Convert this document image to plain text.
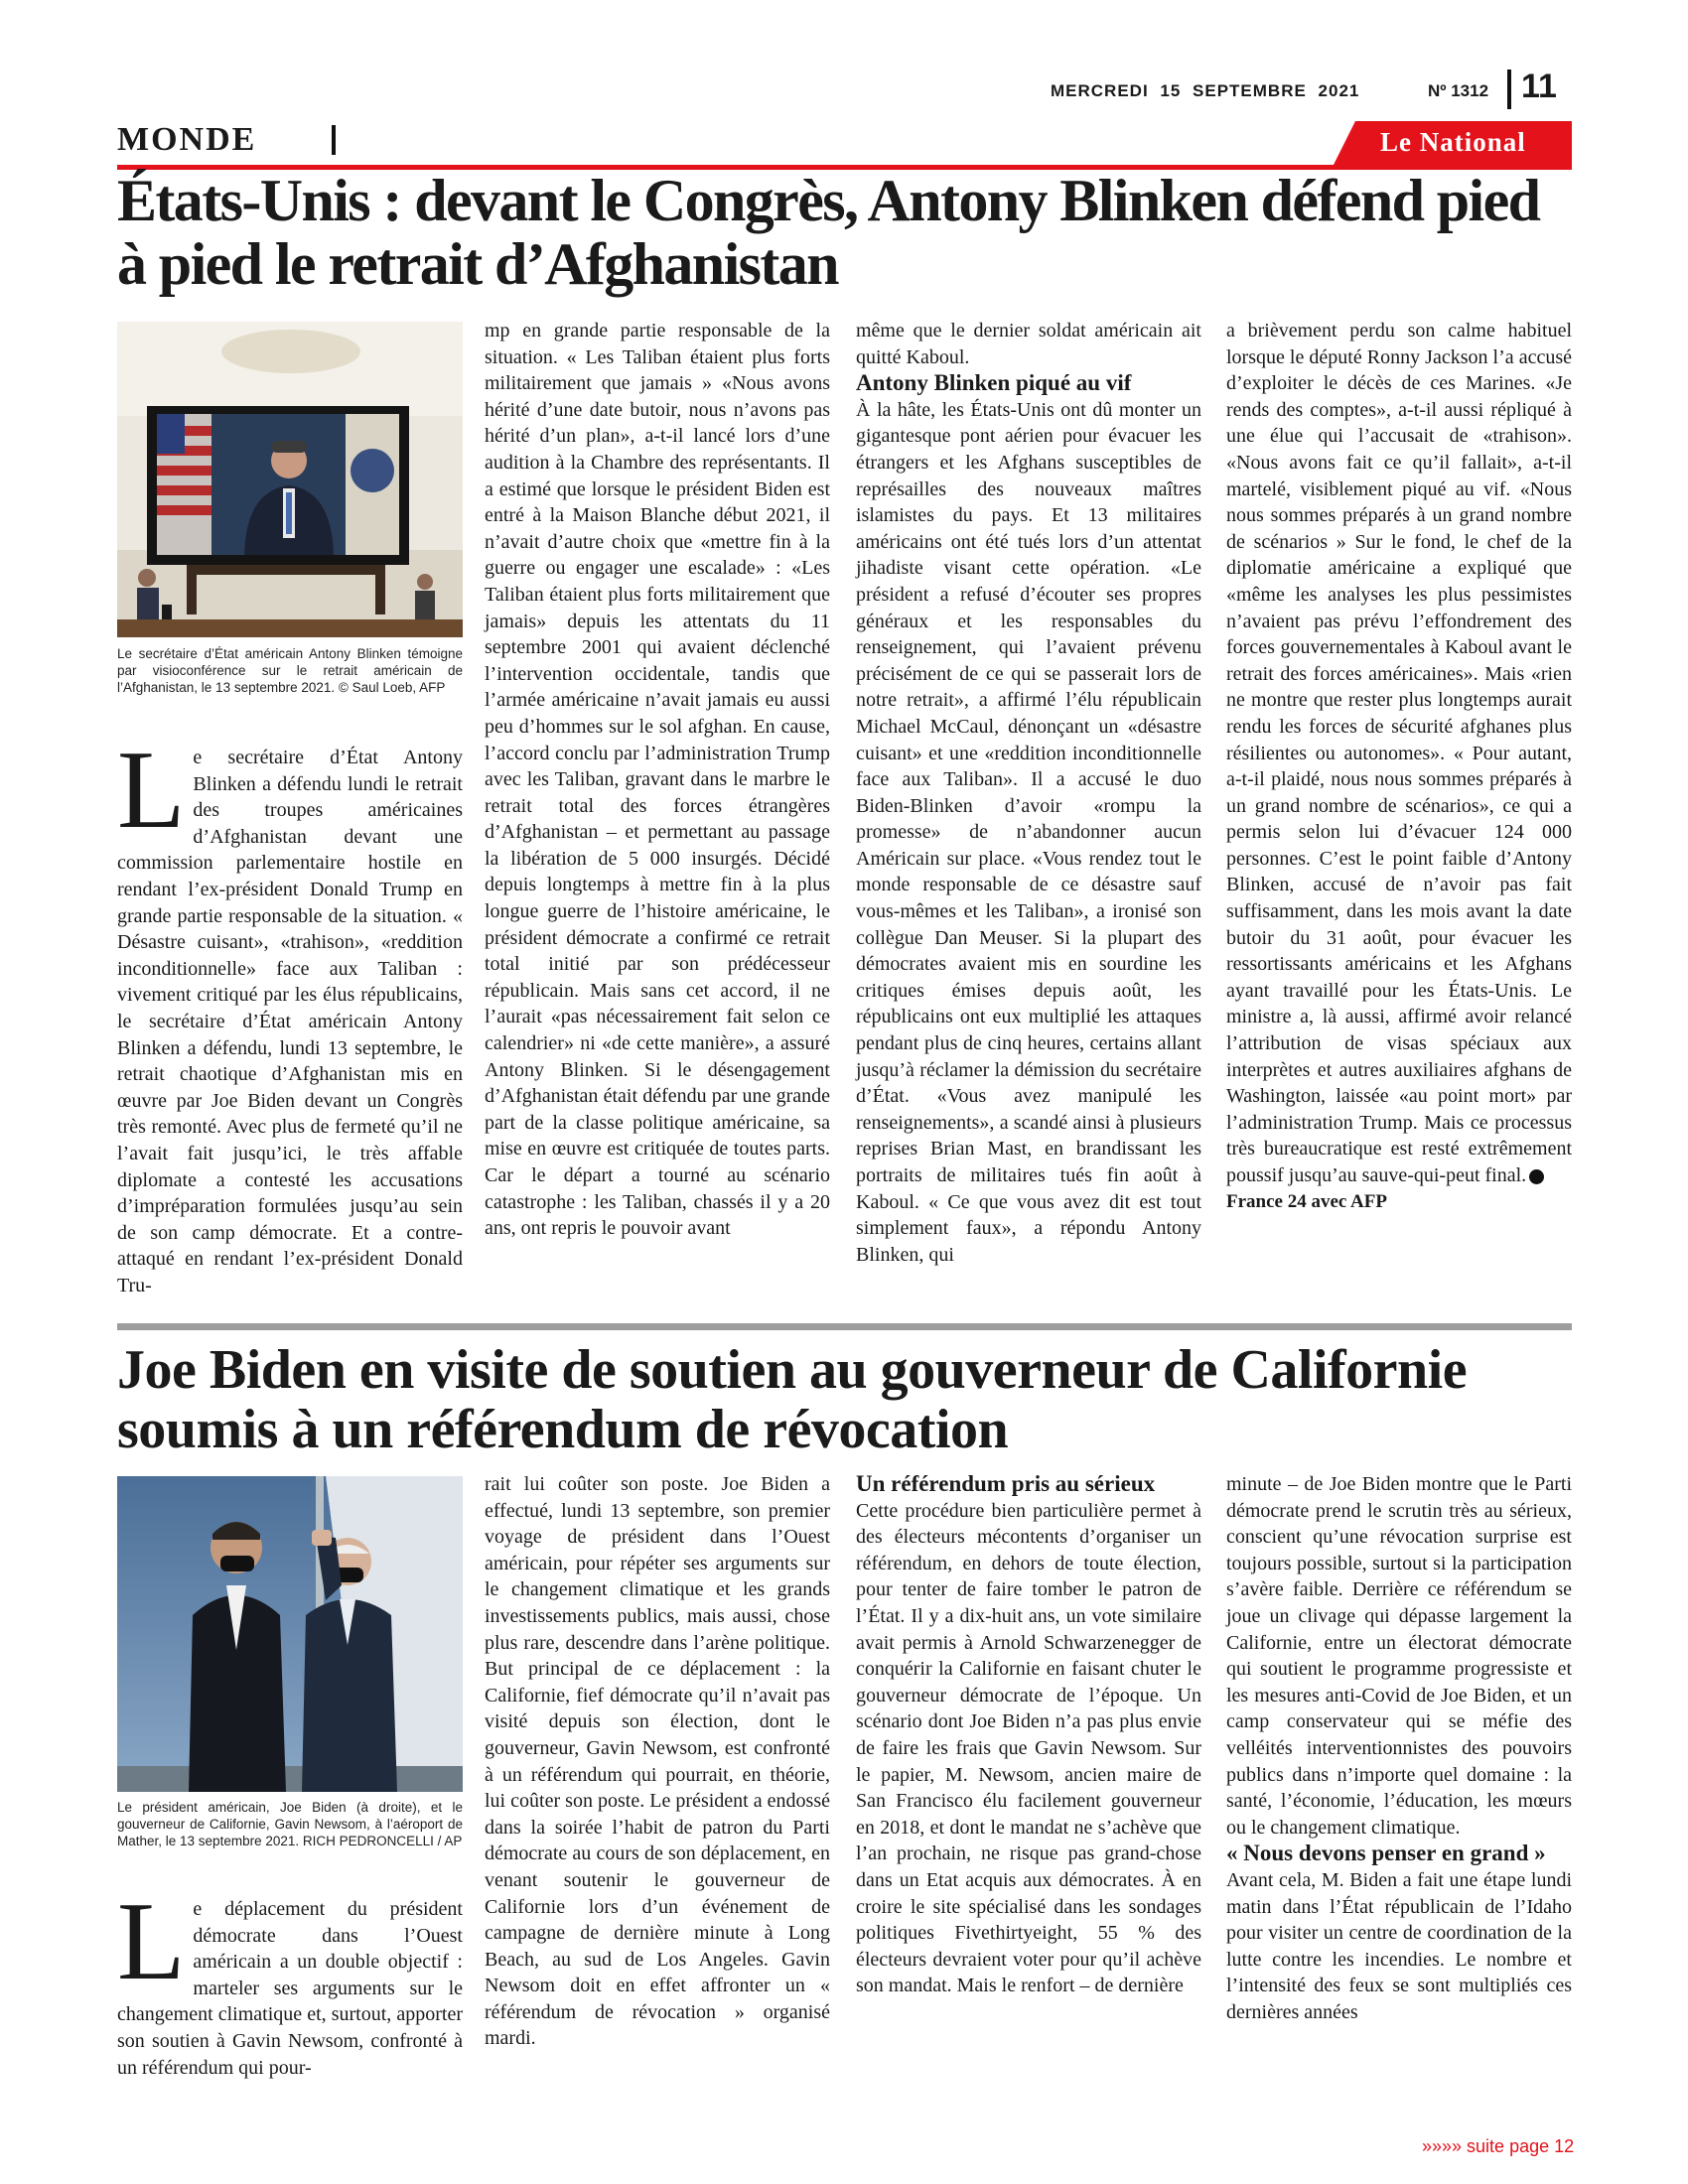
MERCREDI 15 SEPTEMBRE 2021	Nº 1312 11
MONDE	Le National
États-Unis : devant le Congrès, Antony Blinken défend pied à pied le retrait d’Afghanistan
Le secrétaire d’État américain Antony Blinken témoigne par visioconférence sur le retrait américain de l’Afghanistan, le 13 septembre 2021. © Saul Loeb, AFP
Le secrétaire d’État Antony Blinken a défendu lundi le retrait des troupes américaines d’Afghanistan devant une commission parlementaire hostile en rendant l’ex-président Donald Trump en grande partie responsable de la situation. « Désastre cuisant», «trahison», «reddition inconditionnelle» face aux Taliban : vivement critiqué par les élus républicains, le secrétaire d’État américain Antony Blinken a défendu, lundi 13 septembre, le retrait chaotique d’Afghanistan mis en œuvre par Joe Biden devant un Congrès très remonté. Avec plus de fermeté qu’il ne l’avait fait jusqu’ici, le très affable diplomate a contesté les accusations d’impréparation formulées jusqu’au sein de son camp démocrate. Et a contre-attaqué en rendant l’ex-président Donald Tru-
mp en grande partie responsable de la situation. « Les Taliban étaient plus forts militairement que jamais » «Nous avons hérité d’une date butoir, nous n’avons pas hérité d’un plan», a-t-il lancé lors d’une audition à la Chambre des représentants. Il a estimé que lorsque le président Biden est entré à la Maison Blanche début 2021, il n’avait d’autre choix que «mettre fin à la guerre ou engager une escalade» : «Les Taliban étaient plus forts militairement que jamais» depuis les attentats du 11 septembre 2001 qui avaient déclenché l’intervention occidentale, tandis que l’armée américaine n’avait jamais eu aussi peu d’hommes sur le sol afghan. En cause, l’accord conclu par l’administration Trump avec les Taliban, gravant dans le marbre le retrait total des forces étrangères d’Afghanistan – et permettant au passage la libération de 5 000 insurgés. Décidé depuis longtemps à mettre fin à la plus longue guerre de l’histoire américaine, le président démocrate a confirmé ce retrait total initié par son prédécesseur républicain. Mais sans cet accord, il ne l’aurait «pas nécessairement fait selon ce calendrier» ni «de cette manière», a assuré Antony Blinken. Si le désengagement d’Afghanistan était défendu par une grande part de la classe politique américaine, sa mise en œuvre est critiquée de toutes parts. Car le départ a tourné au scénario catastrophe : les Taliban, chassés il y a 20 ans, ont repris le pouvoir avant

même que le dernier soldat américain ait quitté Kaboul.

Antony Blinken piqué au vif

À la hâte, les États-Unis ont dû monter un gigantesque pont aérien pour évacuer les étrangers et les Afghans susceptibles de représailles des nouveaux maîtres islamistes du pays. Et 13 militaires américains ont été tués lors d’un attentat jihadiste visant cette opération. «Le président a refusé d’écouter ses propres généraux et les responsables du renseignement, qui l’avaient prévenu précisément de ce qui se passerait lors de notre retrait», a affirmé l’élu républicain Michael McCaul, dénonçant un «désastre cuisant» et une «reddition inconditionnelle face aux Taliban». Il a accusé le duo Biden-Blinken d’avoir «rompu la promesse» de n’abandonner aucun Américain sur place. «Vous rendez tout le monde responsable de ce désastre sauf vous-mêmes et les Taliban», a ironisé son collègue Dan Meuser. Si la plupart des démocrates avaient mis en sourdine les critiques émises depuis août, les républicains ont eux multiplié les attaques pendant plus de cinq heures, certains allant jusqu’à réclamer la démission du secrétaire d’État. «Vous avez manipulé les renseignements», a scandé ainsi à plusieurs reprises Brian Mast, en brandissant les portraits de militaires tués fin août à Kaboul. « Ce que vous avez dit est tout simplement faux», a répondu Antony Blinken, qui

a brièvement perdu son calme habituel lorsque le député Ronny Jackson l’a accusé d’exploiter le décès de ces Marines. «Je rends des comptes», a-t-il aussi répliqué à une élue qui l’accusait de «trahison». «Nous avons fait ce qu’il fallait», a-t-il martelé, visiblement piqué au vif. «Nous nous sommes préparés à un grand nombre de scénarios » Sur le fond, le chef de la diplomatie américaine a expliqué que «même les analyses les plus pessimistes n’avaient pas prévu l’effondrement des forces gouvernementales à Kaboul avant le retrait des forces américaines». Mais «rien ne montre que rester plus longtemps aurait rendu les forces de sécurité afghanes plus résilientes ou autonomes». « Pour autant, a-t-il plaidé, nous nous sommes préparés à un grand nombre de scénarios», ce qui a permis selon lui d’évacuer 124 000 personnes. C’est le point faible d’Antony Blinken, accusé de n’avoir pas fait suffisamment, dans les mois avant la date butoir du 31 août, pour évacuer les ressortissants américains et les Afghans ayant travaillé pour les États-Unis. Le ministre a, là aussi, affirmé avoir relancé l’attribution de visas spéciaux aux interprètes et autres auxiliaires afghans de Washington, laissée «au point mort» par l’administration Trump. Mais ce processus très bureaucratique est resté extrêmement poussif jusqu’au sauve-qui-peut final.

France 24 avec AFP

Joe Biden en visite de soutien au gouverneur de Californie soumis à un référendum de révocation
Le président américain, Joe Biden (à droite), et le gouverneur de Californie, Gavin Newsom, à l’aéroport de Mather, le 13 septembre 2021. RICH PEDRONCELLI / AP
Le déplacement du président démocrate dans l’Ouest américain a un double objectif : marteler ses arguments sur le changement climatique et, surtout, apporter son soutien à Gavin Newsom, confronté à un référendum qui pour-
rait lui coûter son poste. Joe Biden a effectué, lundi 13 septembre, son premier voyage de président dans l’Ouest américain, pour répéter ses arguments sur le changement climatique et les grands investissements publics, mais aussi, chose plus rare, descendre dans l’arène politique. But principal de ce déplacement : la Californie, fief démocrate qu’il n’avait pas visité depuis son élection, dont le gouverneur, Gavin Newsom, est confronté à un référendum qui pourrait, en théorie, lui coûter son poste. Le président a endossé dans la soirée l’habit de patron du Parti démocrate au cours de son déplacement, en venant soutenir le gouverneur de Californie lors d’un événement de campagne de dernière minute à Long Beach, au sud de Los Angeles. Gavin Newsom doit en effet affronter un « référendum de révocation » organisé mardi.

Un référendum pris au sérieux

Cette procédure bien particulière permet à des électeurs mécontents d’organiser un référendum, en dehors de toute élection, pour tenter de faire tomber le patron de l’État. Il y a dix-huit ans, un vote similaire avait permis à Arnold Schwarzenegger de conquérir la Californie en faisant chuter le gouverneur démocrate de l’époque. Un scénario dont Joe Biden n’a pas plus envie de faire les frais que Gavin Newsom. Sur le papier, M. Newsom, ancien maire de San Francisco élu facilement gouverneur en 2018, et dont le mandat ne s’achève que l’an prochain, ne risque pas grand-chose dans un Etat acquis aux démocrates. À en croire le site spécialisé dans les sondages politiques Fivethirtyeight, 55 % des électeurs devraient voter pour qu’il achève son mandat. Mais le renfort – de dernière

minute – de Joe Biden montre que le Parti démocrate prend le scrutin très au sérieux, conscient qu’une révocation surprise est toujours possible, surtout si la participation s’avère faible. Derrière ce référendum se joue un clivage qui dépasse largement la Californie, entre un électorat démocrate qui soutient le programme progressiste et les mesures anti-Covid de Joe Biden, et un camp conservateur qui se méfie des velléités interventionnistes des pouvoirs publics dans n’importe quel domaine : la santé, l’économie, l’éducation, les mœurs ou le changement climatique.

« Nous devons penser en grand »

Avant cela, M. Biden a fait une étape lundi matin dans l’État républicain de l’Idaho pour visiter un centre de coordination de la lutte contre les incendies. Le nombre et l’intensité des feux se sont multipliés ces dernières années

»»»» suite page 12
